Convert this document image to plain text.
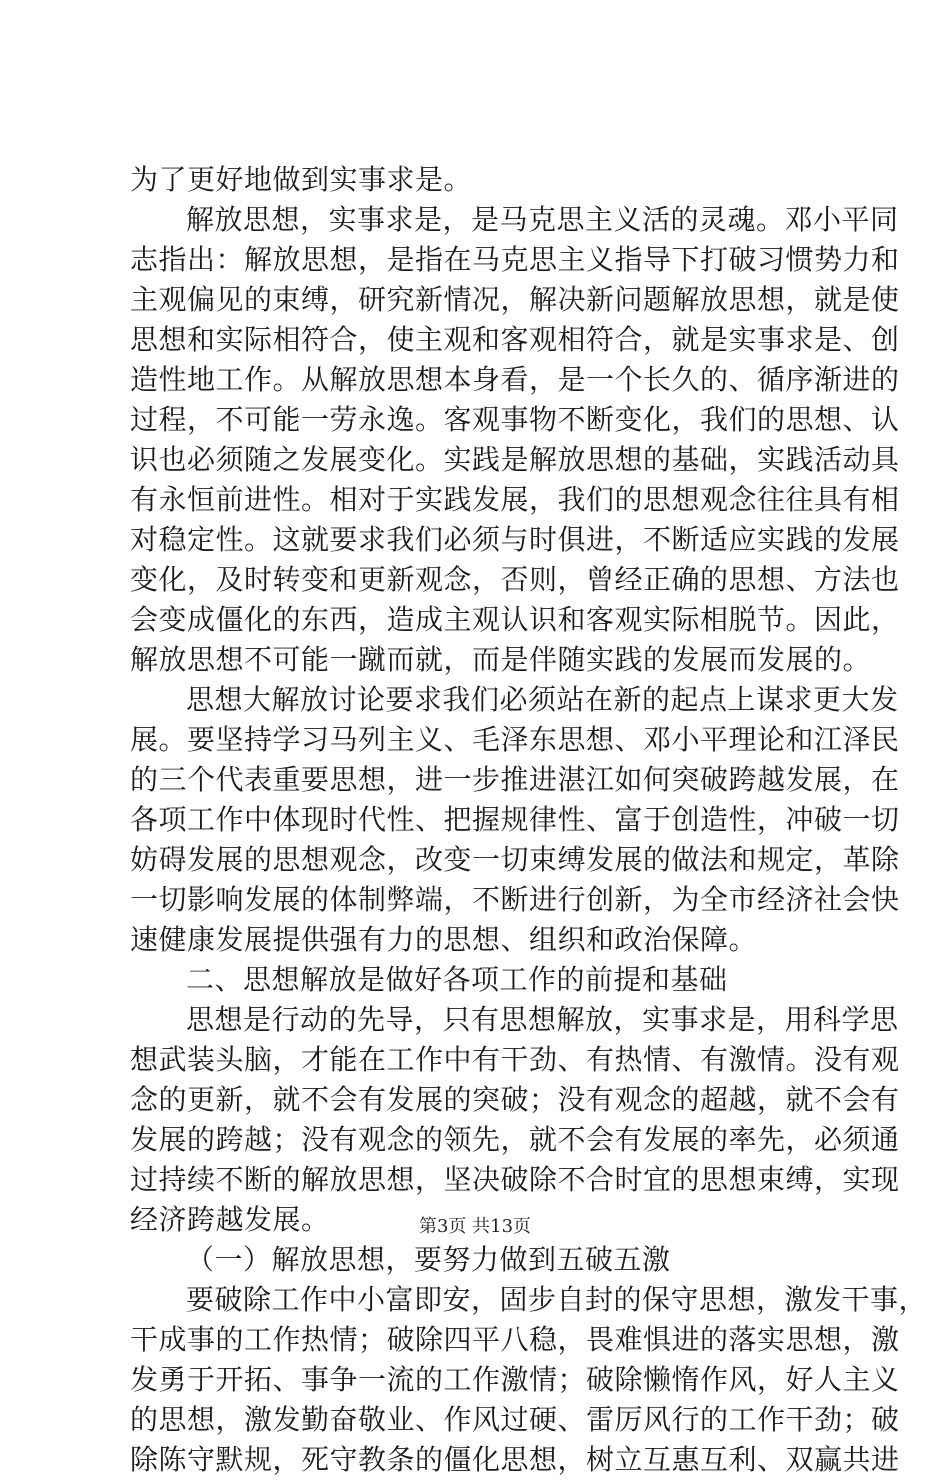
为了更好地做到实事求是。
解放思想，实事求是，是马克思主义活的灵魂。邓小平同
志指出：解放思想，是指在马克思主义指导下打破习惯势力和
主观偏见的束缚，研究新情况，解决新问题解放思想，就是使
思想和实际相符合，使主观和客观相符合，就是实事求是、创
造性地工作。从解放思想本身看，是一个长久的、循序渐进的
过程，不可能一劳永逸。客观事物不断变化，我们的思想、认
识也必须随之发展变化。实践是解放思想的基础，实践活动具
有永恒前进性。相对于实践发展，我们的思想观念往往具有相
对稳定性。这就要求我们必须与时俱进，不断适应实践的发展
变化，及时转变和更新观念，否则，曾经正确的思想、方法也
会变成僵化的东西，造成主观认识和客观实际相脱节。因此，
解放思想不可能一蹴而就，而是伴随实践的发展而发展的。
思想大解放讨论要求我们必须站在新的起点上谋求更大发
展。要坚持学习马列主义、毛泽东思想、邓小平理论和江泽民
的三个代表重要思想，进一步推进湛江如何突破跨越发展，在
各项工作中体现时代性、把握规律性、富于创造性，冲破一切
妨碍发展的思想观念，改变一切束缚发展的做法和规定，革除
一切影响发展的体制弊端，不断进行创新，为全市经济社会快
速健康发展提供强有力的思想、组织和政治保障。
二、思想解放是做好各项工作的前提和基础
思想是行动的先导，只有思想解放，实事求是，用科学思
想武装头脑，才能在工作中有干劲、有热情、有激情。没有观
念的更新，就不会有发展的突破；没有观念的超越，就不会有
发展的跨越；没有观念的领先，就不会有发展的率先，必须通
过持续不断的解放思想，坚决破除不合时宜的思想束缚，实现
经济跨越发展。
（一）解放思想，要努力做到五破五激
要破除工作中小富即安，固步自封的保守思想，激发干事，
干成事的工作热情；破除四平八稳，畏难惧进的落实思想，激
发勇于开拓、事争一流的工作激情；破除懒惰作风，好人主义
的思想，激发勤奋敬业、作风过硬、雷厉风行的工作干劲；破
除陈守默规，死守教条的僵化思想，树立互惠互利、双赢共进
第3页 共13页
